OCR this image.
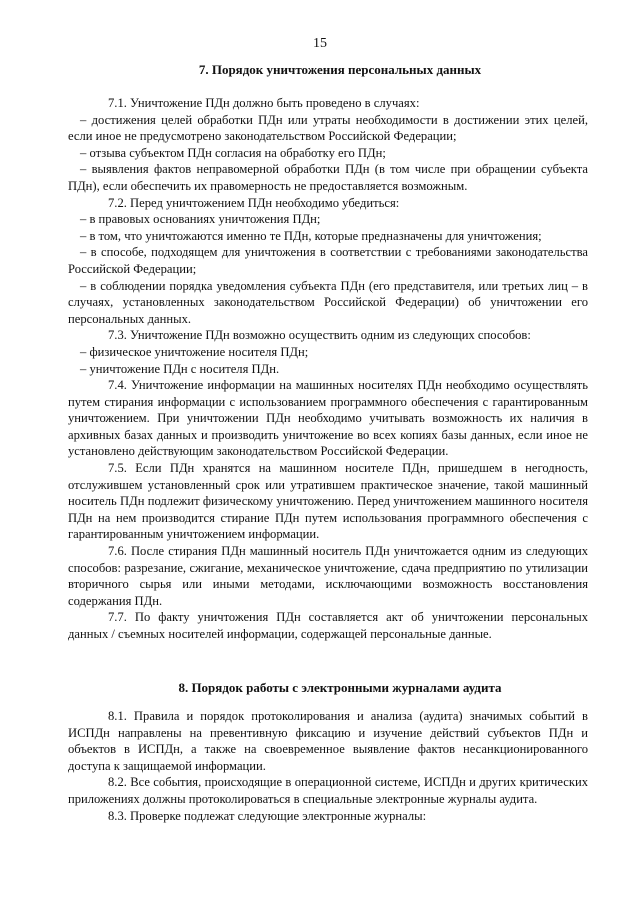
15
7. Порядок уничтожения персональных данных

7.1. Уничтожение ПДн должно быть проведено в случаях:

– достижения целей обработки ПДн или утраты необходимости в достижении этих целей, если иное не предусмотрено законодательством Российской Федерации;

– отзыва субъектом ПДн согласия на обработку его ПДн;

– выявления фактов неправомерной обработки ПДн (в том числе при обращении субъекта ПДн), если обеспечить их правомерность не предоставляется возможным.

7.2. Перед уничтожением ПДн необходимо убедиться:

– в правовых основаниях уничтожения ПДн;

– в том, что уничтожаются именно те ПДн, которые предназначены для уничтожения;

– в способе, подходящем для уничтожения в соответствии с требованиями законодательства Российской Федерации;

– в соблюдении порядка уведомления субъекта ПДн (его представителя, или третьих лиц – в случаях, установленных законодательством Российской Федерации) об уничтожении его персональных данных.

7.3. Уничтожение ПДн возможно осуществить одним из следующих способов:

– физическое уничтожение носителя ПДн;

– уничтожение ПДн с носителя ПДн.

7.4. Уничтожение информации на машинных носителях ПДн необходимо осуществлять путем стирания информации с использованием программного обеспечения с гарантированным уничтожением. При уничтожении ПДн необходимо учитывать возможность их наличия в архивных базах данных и производить уничтожение во всех копиях базы данных, если иное не установлено действующим законодательством Российской Федерации.

7.5. Если ПДн хранятся на машинном носителе ПДн, пришедшем в негодность, отслужившем установленный срок или утратившем практическое значение, такой машинный носитель ПДн подлежит физическому уничтожению. Перед уничтожением машинного носителя ПДн на нем производится стирание ПДн путем использования программного обеспечения с гарантированным уничтожением информации.

7.6. После стирания ПДн машинный носитель ПДн уничтожается одним из следующих способов: разрезание, сжигание, механическое уничтожение, сдача предприятию по утилизации вторичного сырья или иными методами, исключающими возможность восстановления содержания ПДн.

7.7. По факту уничтожения ПДн составляется акт об уничтожении персональных данных / съемных носителей информации, содержащей персональные данные.

8. Порядок работы с электронными журналами аудита

8.1. Правила и порядок протоколирования и анализа (аудита) значимых событий в ИСПДн направлены на превентивную фиксацию и изучение действий субъектов ПДн и объектов в ИСПДн, а также на своевременное выявление фактов несанкционированного доступа к защищаемой информации.

8.2. Все события, происходящие в операционной системе, ИСПДн и других критических приложениях должны протоколироваться в специальные электронные журналы аудита.

8.3. Проверке подлежат следующие электронные журналы:
